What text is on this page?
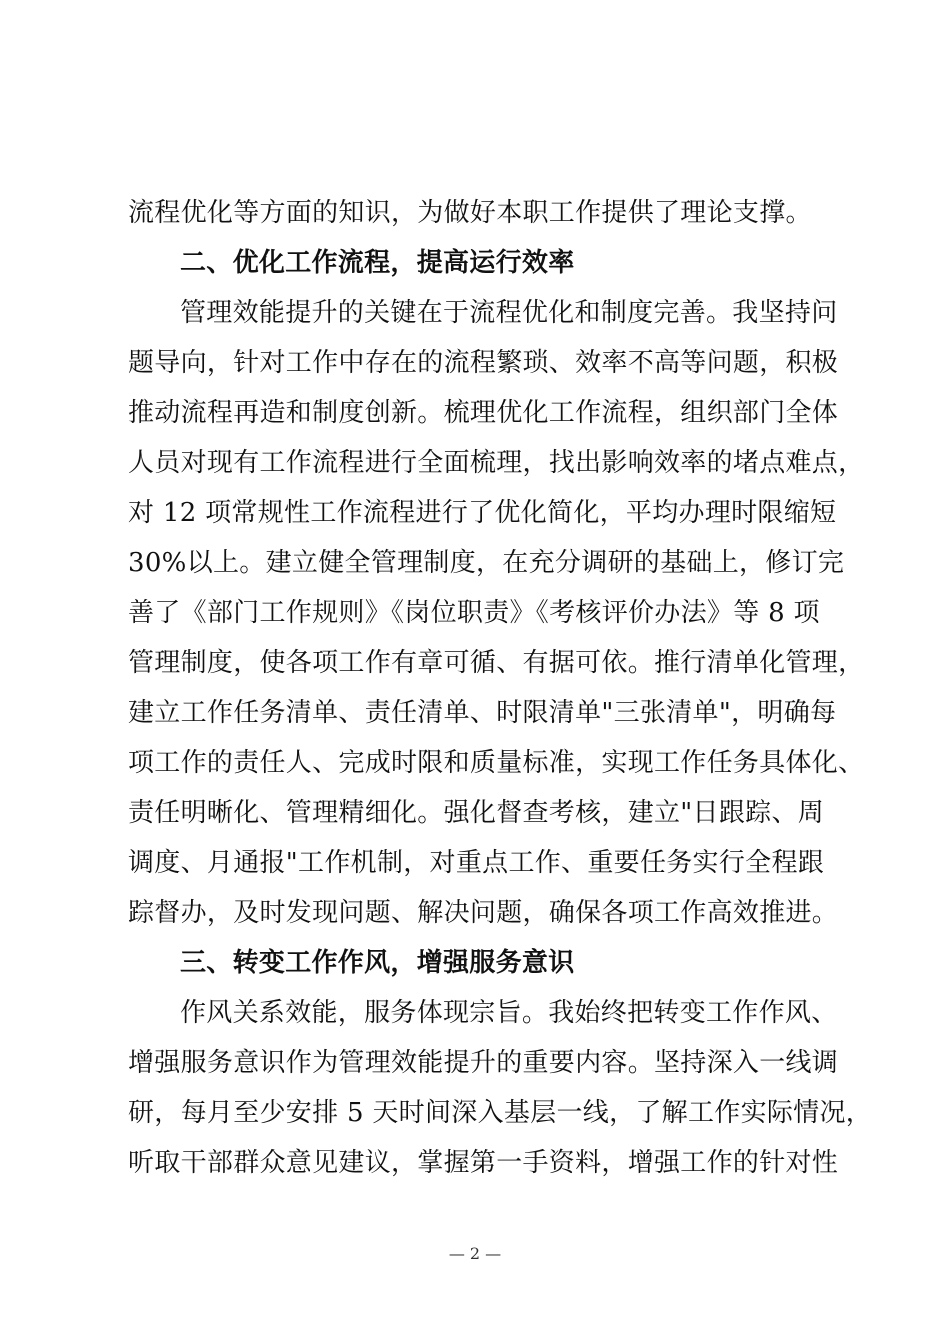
流程优化等方面的知识，为做好本职工作提供了理论支撑。
二、优化工作流程，提高运行效率
管理效能提升的关键在于流程优化和制度完善。我坚持问
题导向，针对工作中存在的流程繁琐、效率不高等问题，积极
推动流程再造和制度创新。梳理优化工作流程，组织部门全体
人员对现有工作流程进行全面梳理，找出影响效率的堵点难点，
对 12 项常规性工作流程进行了优化简化，平均办理时限缩短
30%以上。建立健全管理制度，在充分调研的基础上，修订完
善了《部门工作规则》《岗位职责》《考核评价办法》等 8 项
管理制度，使各项工作有章可循、有据可依。推行清单化管理，
建立工作任务清单、责任清单、时限清单"三张清单"，明确每
项工作的责任人、完成时限和质量标准，实现工作任务具体化、
责任明晰化、管理精细化。强化督查考核，建立"日跟踪、周
调度、月通报"工作机制，对重点工作、重要任务实行全程跟
踪督办，及时发现问题、解决问题，确保各项工作高效推进。
三、转变工作作风，增强服务意识
作风关系效能，服务体现宗旨。我始终把转变工作作风、
增强服务意识作为管理效能提升的重要内容。坚持深入一线调
研，每月至少安排 5 天时间深入基层一线，了解工作实际情况，
听取干部群众意见建议，掌握第一手资料，增强工作的针对性
— 2 —
